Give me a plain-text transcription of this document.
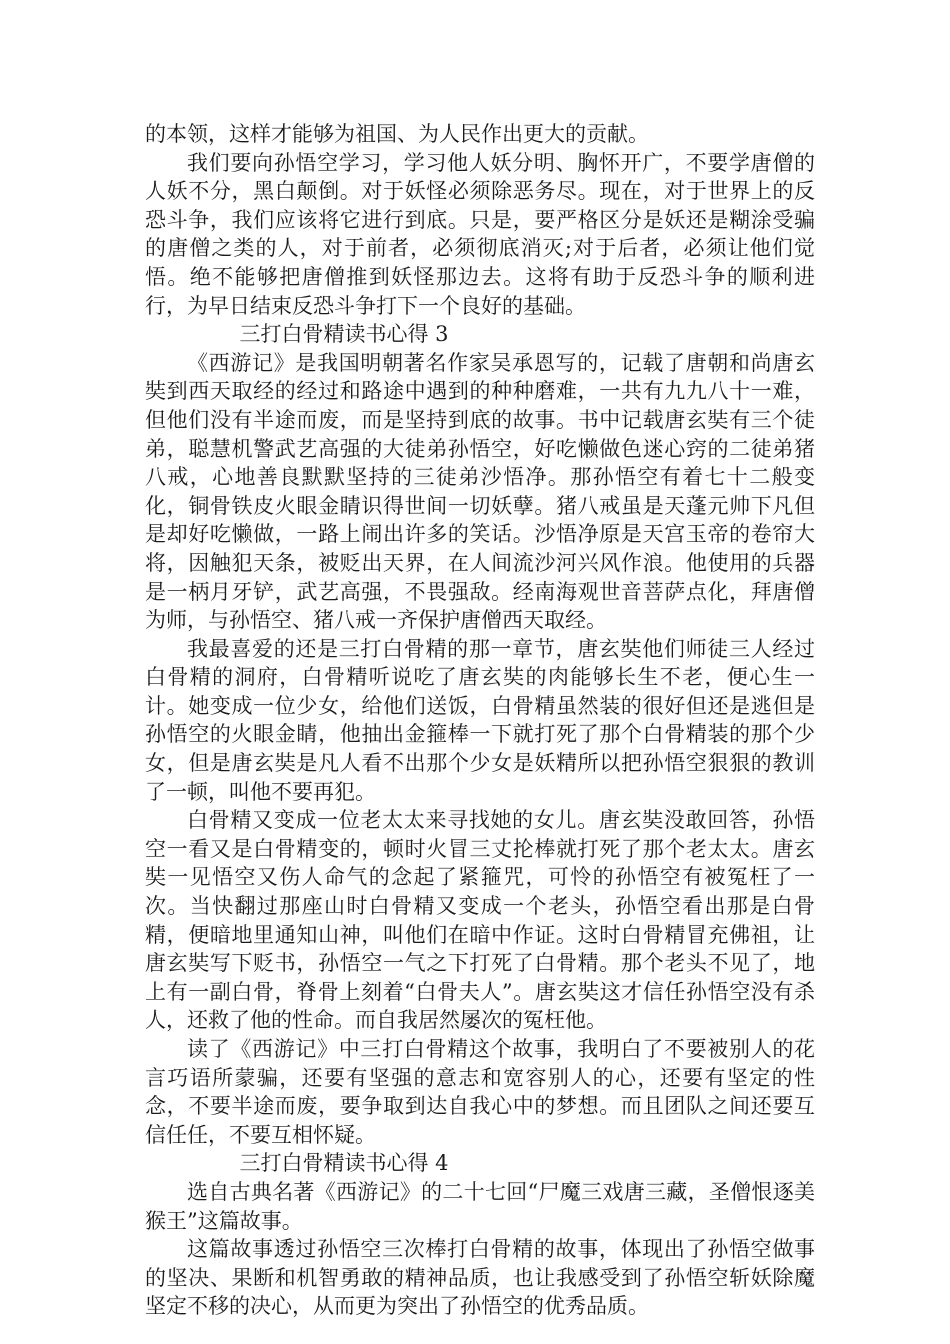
的本领，这样才能够为祖国、为人民作出更大的贡献。

我们要向孙悟空学习，学习他人妖分明、胸怀开广，不要学唐僧的人妖不分，黑白颠倒。对于妖怪必须除恶务尽。现在，对于世界上的反恐斗争，我们应该将它进行到底。只是，要严格区分是妖还是糊涂受骗的唐僧之类的人，对于前者，必须彻底消灭;对于后者，必须让他们觉悟。绝不能够把唐僧推到妖怪那边去。这将有助于反恐斗争的顺利进行，为早日结束反恐斗争打下一个良好的基础。

三打白骨精读书心得 3

《西游记》是我国明朝著名作家吴承恩写的，记载了唐朝和尚唐玄奘到西天取经的经过和路途中遇到的种种磨难，一共有九九八十一难，但他们没有半途而废，而是坚持到底的故事。书中记载唐玄奘有三个徒弟，聪慧机警武艺高强的大徒弟孙悟空，好吃懒做色迷心窍的二徒弟猪八戒，心地善良默默坚持的三徒弟沙悟净。那孙悟空有着七十二般变化，铜骨铁皮火眼金睛识得世间一切妖孽。猪八戒虽是天蓬元帅下凡但是却好吃懒做，一路上闹出许多的笑话。沙悟净原是天宫玉帝的卷帘大将，因触犯天条，被贬出天界，在人间流沙河兴风作浪。他使用的兵器是一柄月牙铲，武艺高强，不畏强敌。经南海观世音菩萨点化，拜唐僧为师，与孙悟空、猪八戒一齐保护唐僧西天取经。

我最喜爱的还是三打白骨精的那一章节，唐玄奘他们师徒三人经过白骨精的洞府，白骨精听说吃了唐玄奘的肉能够长生不老，便心生一计。她变成一位少女，给他们送饭，白骨精虽然装的很好但还是逃但是孙悟空的火眼金睛，他抽出金箍棒一下就打死了那个白骨精装的那个少女，但是唐玄奘是凡人看不出那个少女是妖精所以把孙悟空狠狠的教训了一顿，叫他不要再犯。

白骨精又变成一位老太太来寻找她的女儿。唐玄奘没敢回答，孙悟空一看又是白骨精变的，顿时火冒三丈抡棒就打死了那个老太太。唐玄奘一见悟空又伤人命气的念起了紧箍咒，可怜的孙悟空有被冤枉了一次。当快翻过那座山时白骨精又变成一个老头，孙悟空看出那是白骨精，便暗地里通知山神，叫他们在暗中作证。这时白骨精冒充佛祖，让唐玄奘写下贬书，孙悟空一气之下打死了白骨精。那个老头不见了，地上有一副白骨，脊骨上刻着“白骨夫人”。唐玄奘这才信任孙悟空没有杀人，还救了他的性命。而自我居然屡次的冤枉他。

读了《西游记》中三打白骨精这个故事，我明白了不要被别人的花言巧语所蒙骗，还要有坚强的意志和宽容别人的心，还要有坚定的性念，不要半途而废，要争取到达自我心中的梦想。而且团队之间还要互信任任，不要互相怀疑。

三打白骨精读书心得 4

选自古典名著《西游记》的二十七回“尸魔三戏唐三藏，圣僧恨逐美猴王”这篇故事。

这篇故事透过孙悟空三次棒打白骨精的故事，体现出了孙悟空做事的坚决、果断和机智勇敢的精神品质，也让我感受到了孙悟空斩妖除魔坚定不移的决心，从而更为突出了孙悟空的优秀品质。
